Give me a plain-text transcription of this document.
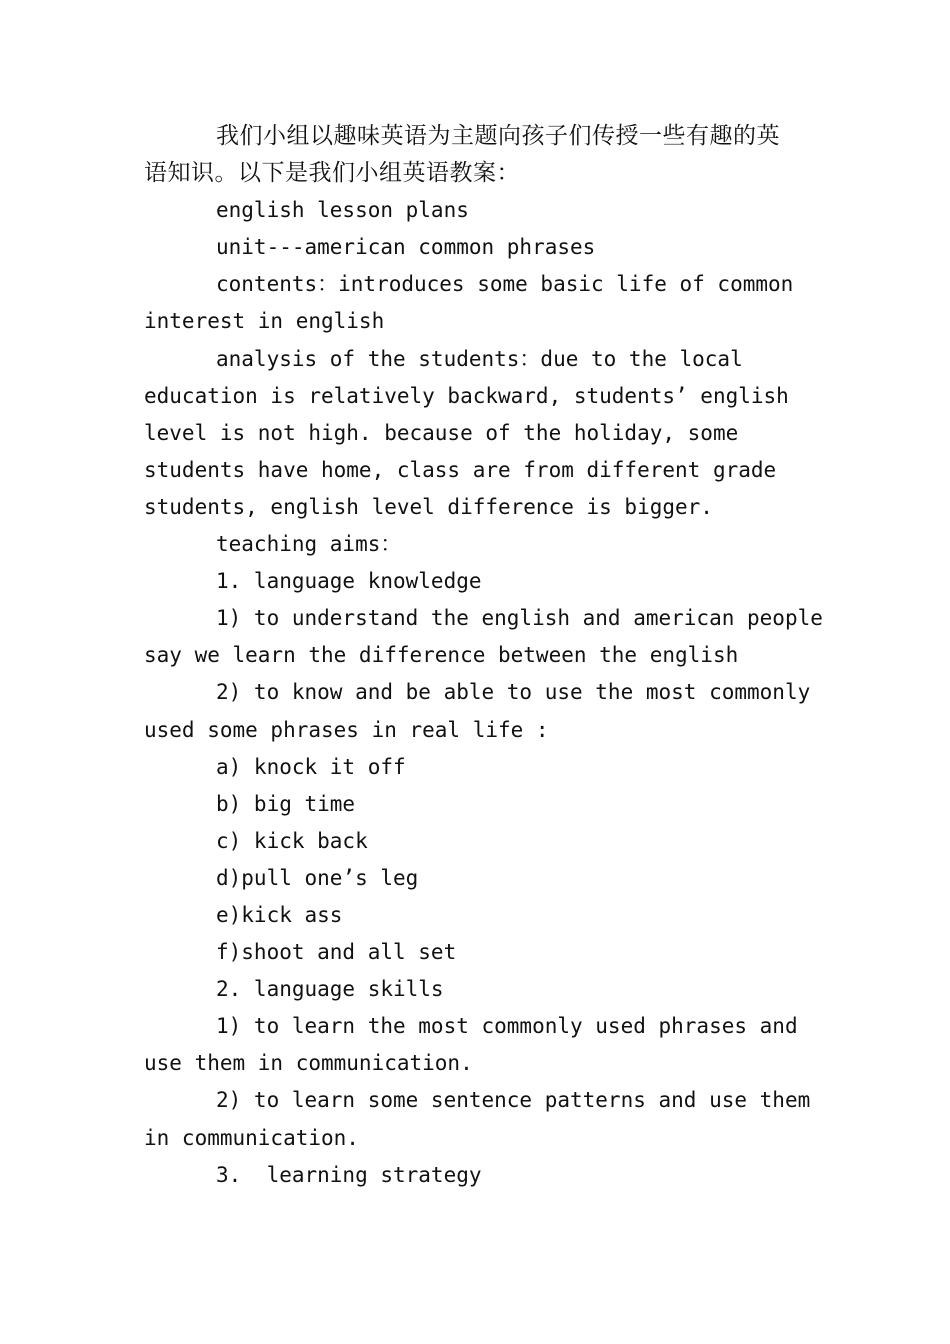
我们小组以趣味英语为主题向孩子们传授一些有趣的英
语知识。以下是我们小组英语教案：
english lesson plans
unit---american common phrases
contents：introduces some basic life of common
interest in english
analysis of the students：due to the local
education is relatively backward, students’ english
level is not high. because of the holiday, some
students have home, class are from different grade
students, english level difference is bigger.
teaching aims：
1. language knowledge
1) to understand the english and american people
say we learn the difference between the english
2) to know and be able to use the most commonly
used some phrases in real life :
a) knock it off
b) big time
c) kick back
d)pull one’s leg
e)kick ass
f)shoot and all set
2. language skills
1) to learn the most commonly used phrases and
use them in communication.
2) to learn some sentence patterns and use them
in communication.
3.  learning strategy
